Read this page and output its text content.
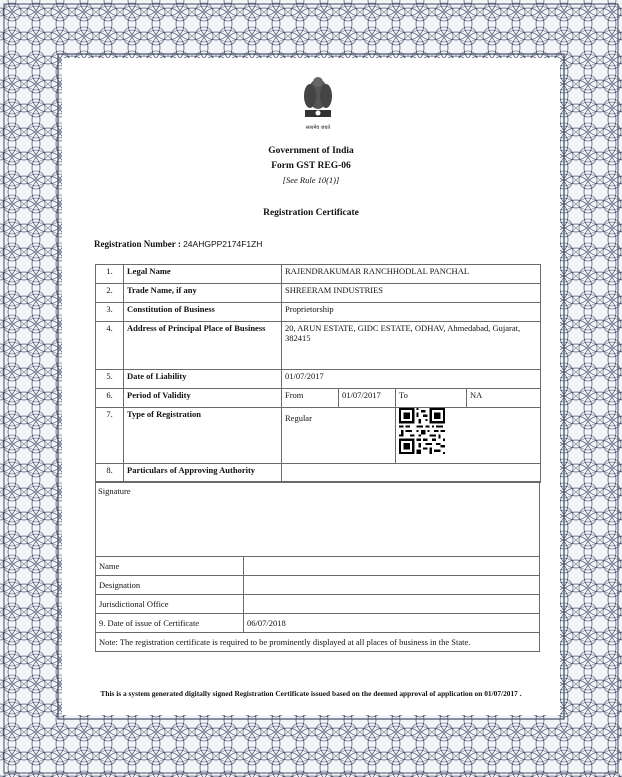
सत्यमेव जयते
Government of India
Form GST REG-06
[See Rule 10(1)]
Registration Certificate
Registration Number : 24AHGPP2174F1ZH
1.	Legal Name	RAJENDRAKUMAR RANCHHODLAL PANCHAL			
2.	Trade Name, if any	SHREERAM INDUSTRIES			
3.	Constitution of Business	Proprietorship			
4.	Address of Principal Place of Business	20, ARUN ESTATE, GIDC ESTATE, ODHAV, Ahmedabad, Gujarat, 382415			
5.	Date of Liability	01/07/2017			
6.	Period of Validity	From	01/07/2017	To	NA
7.	Type of Registration	Regular	

8.	Particulars of Approving Authority				
Signature
Name	
Designation	
Jurisdictional Office	
9. Date of issue of Certificate	06/07/2018
Note: The registration certificate is required to be prominently displayed at all places of business in the State.	
This is a system generated digitally signed Registration Certificate issued based on the deemed approval of application on 01/07/2017 .
